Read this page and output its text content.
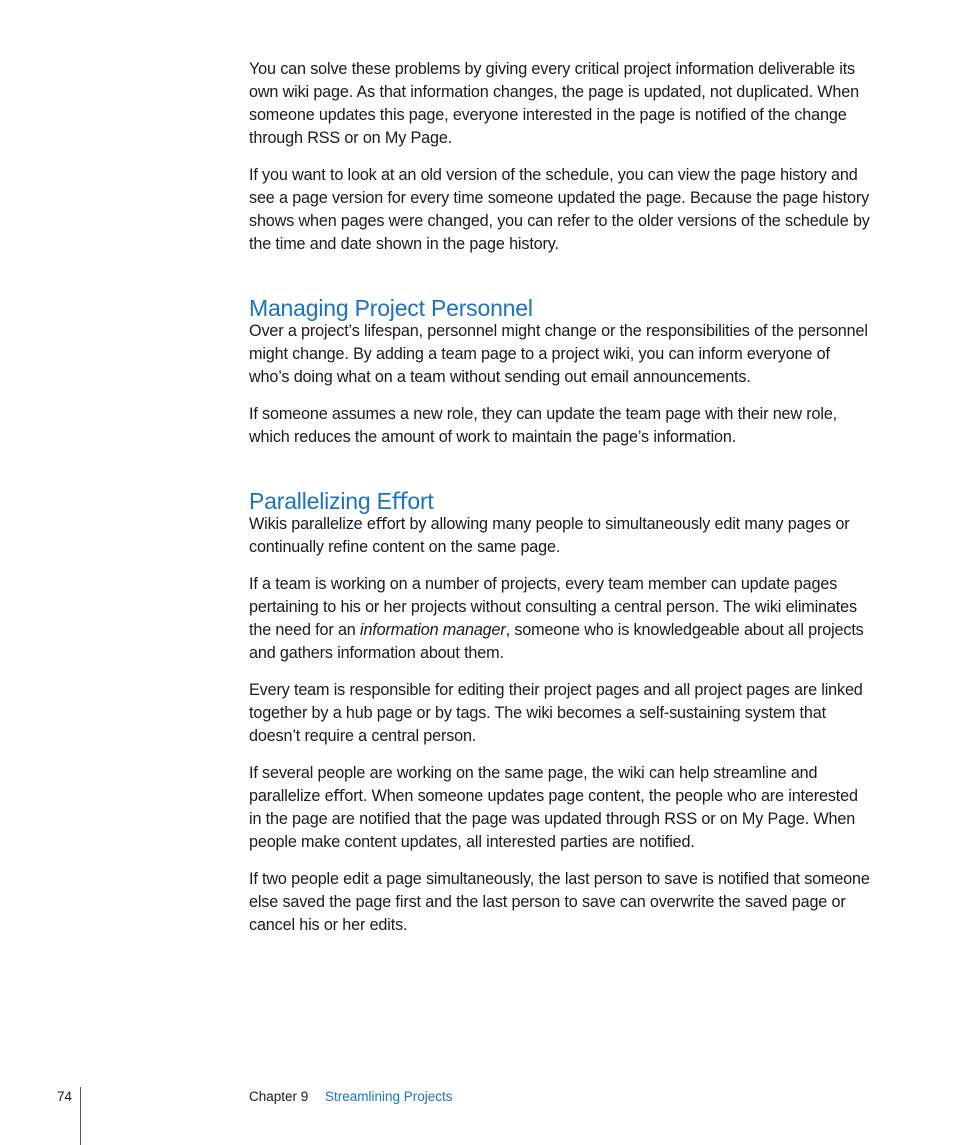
You can solve these problems by giving every critical project information deliverable its own wiki page. As that information changes, the page is updated, not duplicated. When someone updates this page, everyone interested in the page is notified of the change through RSS or on My Page.

If you want to look at an old version of the schedule, you can view the page history and see a page version for every time someone updated the page. Because the page history shows when pages were changed, you can refer to the older versions of the schedule by the time and date shown in the page history.

Managing Project Personnel

Over a project’s lifespan, personnel might change or the responsibilities of the personnel might change. By adding a team page to a project wiki, you can inform everyone of who’s doing what on a team without sending out email announcements.

If someone assumes a new role, they can update the team page with their new role, which reduces the amount of work to maintain the page’s information.

Parallelizing Eﬀort

Wikis parallelize eﬀort by allowing many people to simultaneously edit many pages or continually reﬁne content on the same page.

If a team is working on a number of projects, every team member can update pages pertaining to his or her projects without consulting a central person. The wiki eliminates the need for an information manager, someone who is knowledgeable about all projects and gathers information about them.

Every team is responsible for editing their project pages and all project pages are linked together by a hub page or by tags. The wiki becomes a self-sustaining system that doesn’t require a central person.

If several people are working on the same page, the wiki can help streamline and parallelize eﬀort. When someone updates page content, the people who are interested in the page are notiﬁed that the page was updated through RSS or on My Page. When people make content updates, all interested parties are notiﬁed.

If two people edit a page simultaneously, the last person to save is notiﬁed that someone else saved the page ﬁrst and the last person to save can overwrite the saved page or cancel his or her edits.

74	Chapter 9 Streamlining Projects
